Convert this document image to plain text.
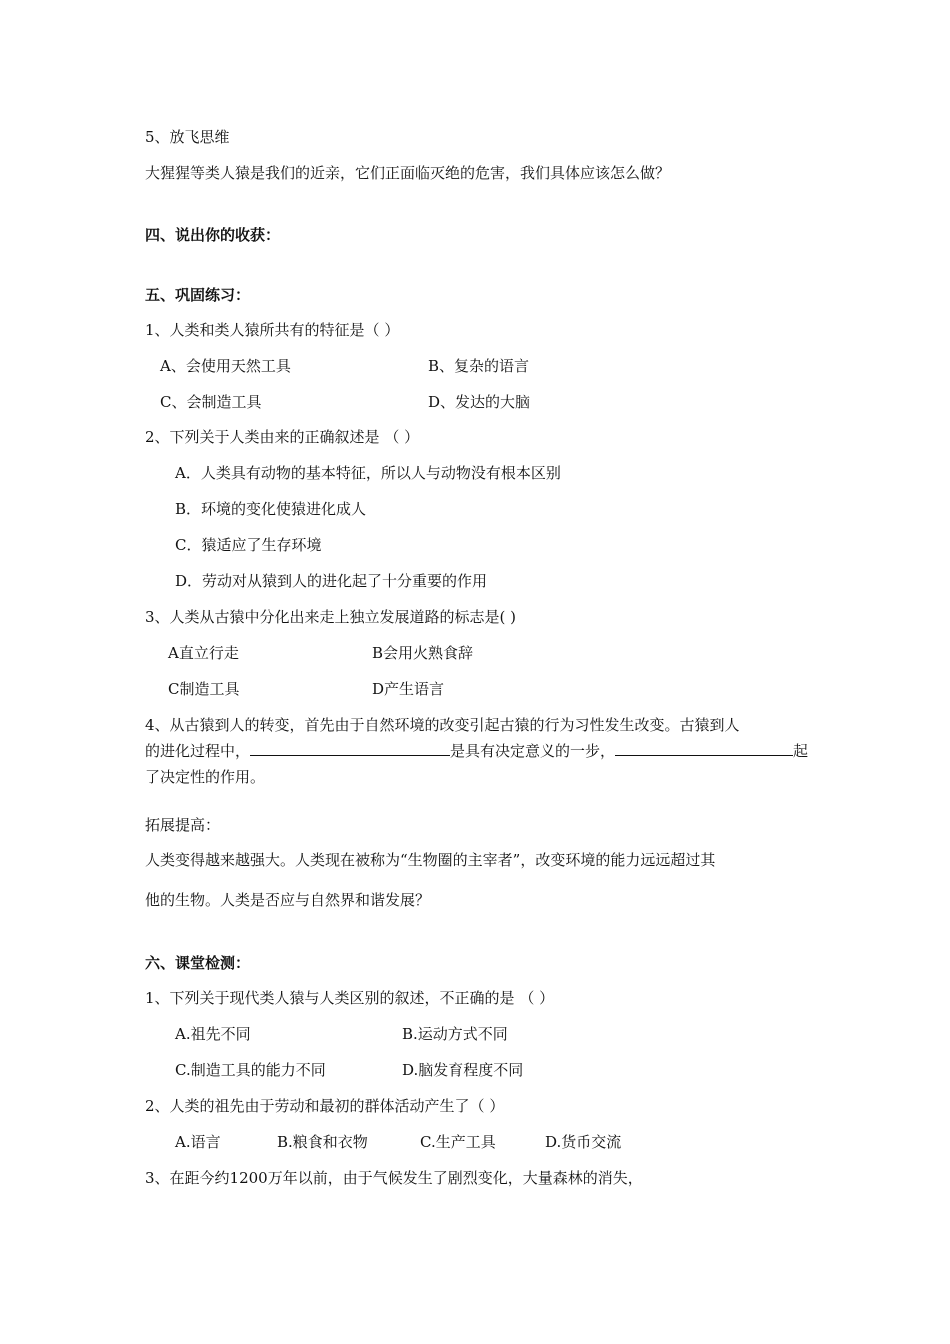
5、放飞思维
大猩猩等类人猿是我们的近亲，它们正面临灭绝的危害，我们具体应该怎么做？
四、说出你的收获：
五、巩固练习：
1、人类和类人猿所共有的特征是（ ）
A、会使用天然工具	B、复杂的语言
C、会制造工具	D、发达的大脑
2、下列关于人类由来的正确叙述是 （ ）
A．人类具有动物的基本特征，所以人与动物没有根本区别
B．环境的变化使猿进化成人
C．猿适应了生存环境
D．劳动对从猿到人的进化起了十分重要的作用
3、人类从古猿中分化出来走上独立发展道路的标志是( )
A直立行走	B会用火熟食辞
C制造工具	D产生语言
4、从古猿到人的转变，首先由于自然环境的改变引起古猿的行为习性发生改变。古猿到人
的进化过程中，	是具有决定意义的一步，	起
了决定性的作用。
拓展提高：
人类变得越来越强大。人类现在被称为“生物圈的主宰者”，改变环境的能力远远超过其
他的生物。人类是否应与自然界和谐发展？
六、课堂检测：
1、下列关于现代类人猿与人类区别的叙述，不正确的是 （ ）
A.祖先不同	B.运动方式不同
C.制造工具的能力不同	D.脑发育程度不同
2、人类的祖先由于劳动和最初的群体活动产生了（ ）
A.语言	B.粮食和衣物	C.生产工具	D.货币交流
3、在距今约1200万年以前，由于气候发生了剧烈变化，大量森林的消失，
